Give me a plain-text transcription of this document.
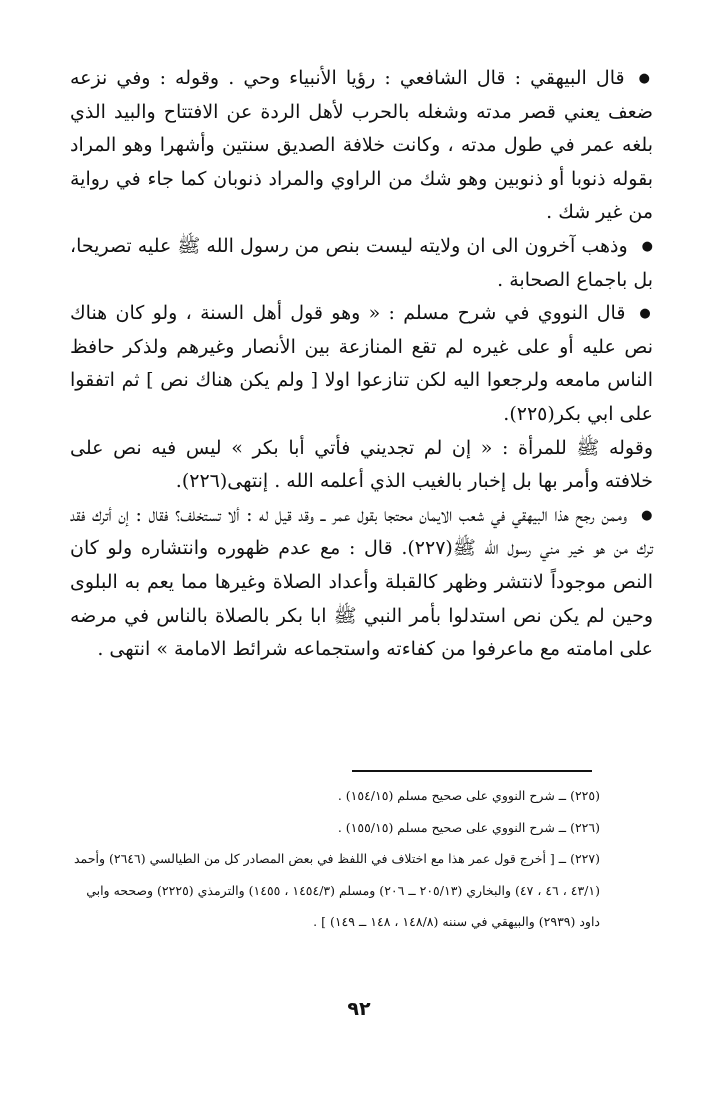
● قال البيهقي : قال الشافعي : رؤيا الأنبياء وحي . وقوله : وفي نزعه ضعف يعني قصر مدته وشغله بالحرب لأهل الردة عن الافتتاح والبيد الذي بلغه عمر في طول مدته ، وكانت خلافة الصديق سنتين وأشهرا وهو المراد بقوله ذنوبا أو ذنوبين وهو شك من الراوي والمراد ذنوبان كما جاء في رواية من غير شك .

● وذهب آخرون الى ان ولايته ليست بنص من رسول الله ﷺ عليه تصريحا، بل باجماع الصحابة .

● قال النووي في شرح مسلم : « وهو قول أهل السنة ، ولو كان هناك نص عليه أو على غيره لم تقع المنازعة بين الأنصار وغيرهم ولذكر حافظ الناس مامعه ولرجعوا اليه لكن تنازعوا اولا [ ولم يكن هناك نص ] ثم اتفقوا على ابي بكر(٢٢٥).

وقوله ﷺ للمرأة : « إن لم تجديني فأتي أبا بكر » ليس فيه نص على خلافته وأمر بها بل إخبار بالغيب الذي أعلمه الله . إنتهى(٢٢٦).

● وممن رجح هذا البيهقي في شعب الايمان محتجا بقول عمر ــ وقد قيل له : ألا تستخلف؟ فقال : إن أترك فقد ترك من هو خير مني رسول الله ﷺ(٢٢٧). قال : مع عدم ظهوره وانتشاره ولو كان النص موجوداً لانتشر وظهر كالقبلة وأعداد الصلاة وغيرها مما يعم به البلوى وحين لم يكن نص استدلوا بأمر النبي ﷺ ابا بكر بالصلاة بالناس في مرضه على امامته مع ماعرفوا من كفاءته واستجماعه شرائط الامامة » انتهى .

(٢٢٥) ــ شرح النووي على صحيح مسلم (١٥٤/١٥) .

(٢٢٦) ــ شرح النووي على صحيح مسلم (١٥٥/١٥) .

(٢٢٧) ــ [ أخرج قول عمر هذا مع اختلاف في اللفظ في بعض المصادر كل من الطيالسي (٢٦٤٦) وأحمد (٤٣/١ ، ٤٦ ، ٤٧) والبخاري (٢٠٥/١٣ ــ ٢٠٦) ومسلم (١٤٥٤/٣ ، ١٤٥٥) والترمذي (٢٢٢٥) وصححه وابي داود (٢٩٣٩) والبيهقي في سننه (١٤٨/٨ ، ١٤٨ ــ ١٤٩) ] .

٩٢
